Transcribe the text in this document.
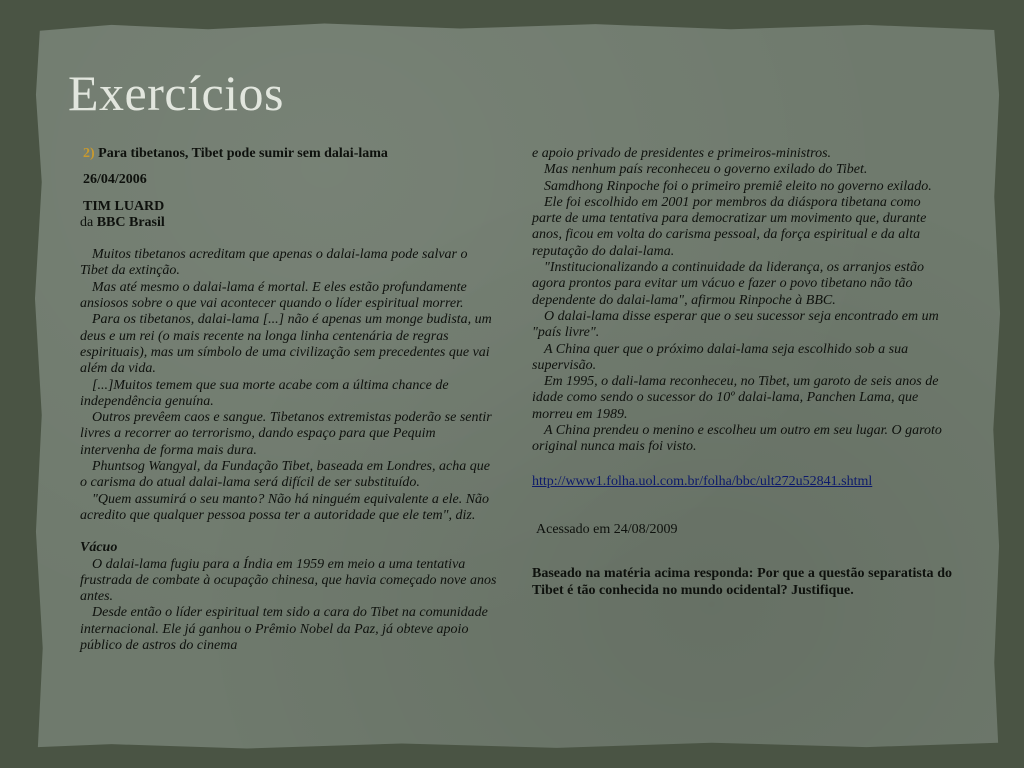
Exercícios
2) Para tibetanos, Tibet pode sumir sem dalai-lama
26/04/2006
TIM LUARD
da BBC Brasil

Muitos tibetanos acreditam que apenas o dalai-lama pode salvar o Tibet da extinção.

Mas até mesmo o dalai-lama é mortal. E eles estão profundamente ansiosos sobre o que vai acontecer quando o líder espiritual morrer.

Para os tibetanos, dalai-lama [...] não é apenas um monge budista, um deus e um rei (o mais recente na longa linha centenária de regras espirituais), mas um símbolo de uma civilização sem precedentes que vai além da vida.

[...]Muitos temem que sua morte acabe com a última chance de independência genuína.

Outros prevêem caos e sangue. Tibetanos extremistas poderão se sentir livres a recorrer ao terrorismo, dando espaço para que Pequim intervenha de forma mais dura.

Phuntsog Wangyal, da Fundação Tibet, baseada em Londres, acha que o carisma do atual dalai-lama será difícil de ser substituído.

"Quem assumirá o seu manto? Não há ninguém equivalente a ele. Não acredito que qualquer pessoa possa ter a autoridade que ele tem", diz.

Vácuo

O dalai-lama fugiu para a Índia em 1959 em meio a uma tentativa frustrada de combate à ocupação chinesa, que havia começado nove anos antes.

Desde então o líder espiritual tem sido a cara do Tibet na comunidade internacional. Ele já ganhou o Prêmio Nobel da Paz, já obteve apoio público de astros do cinema

e apoio privado de presidentes e primeiros-ministros.

Mas nenhum país reconheceu o governo exilado do Tibet.

Samdhong Rinpoche foi o primeiro premiê eleito no governo exilado.

Ele foi escolhido em 2001 por membros da diáspora tibetana como parte de uma tentativa para democratizar um movimento que, durante anos, ficou em volta do carisma pessoal, da força espiritual e da alta reputação do dalai-lama.

"Institucionalizando a continuidade da liderança, os arranjos estão agora prontos para evitar um vácuo e fazer o povo tibetano não tão dependente do dalai-lama", afirmou Rinpoche à BBC.

O dalai-lama disse esperar que o seu sucessor seja encontrado em um "país livre".

A China quer que o próximo dalai-lama seja escolhido sob a sua supervisão.

Em 1995, o dali-lama reconheceu, no Tibet, um garoto de seis anos de idade como sendo o sucessor do 10º dalai-lama, Panchen Lama, que morreu em 1989.

A China prendeu o menino e escolheu um outro em seu lugar. O garoto original nunca mais foi visto.

http://www1.folha.uol.com.br/folha/bbc/ult272u52841.shtml
Acessado em 24/08/2009
Baseado na matéria acima responda: Por que a questão separatista do Tibet é tão conhecida no mundo ocidental? Justifique.
